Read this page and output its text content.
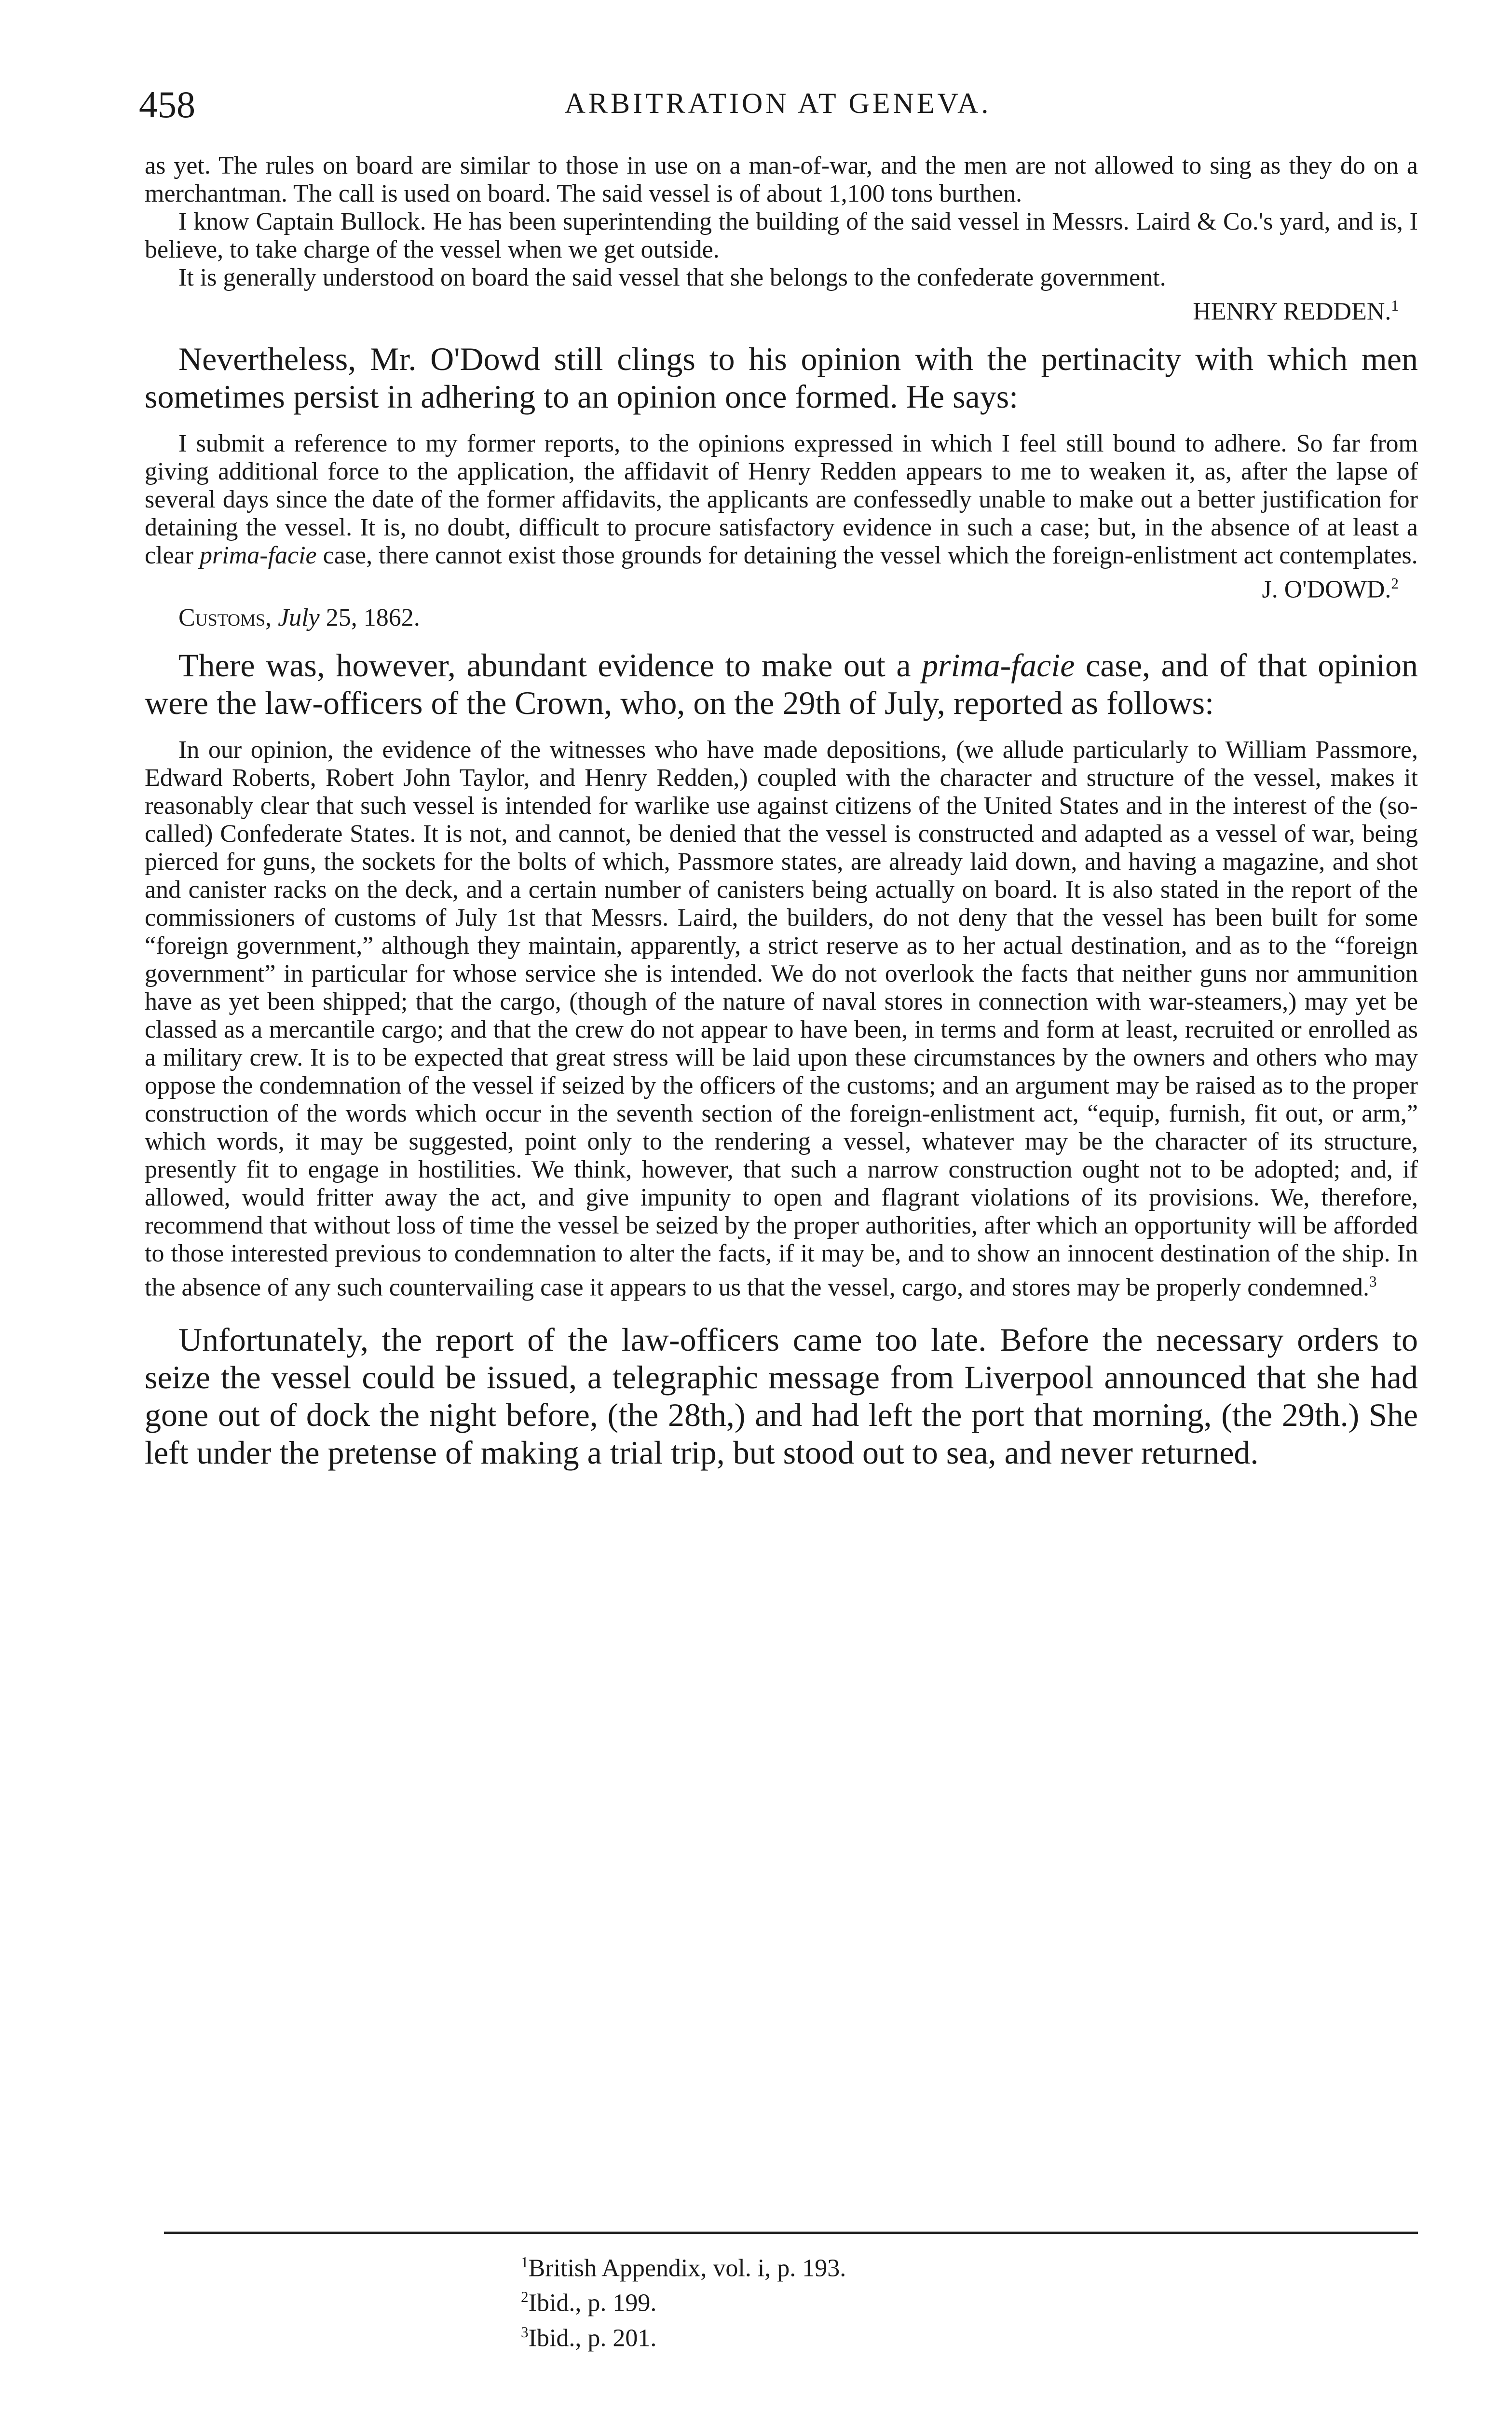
458	ARBITRATION AT GENEVA.

as yet. The rules on board are similar to those in use on a man-of-war, and the men are not allowed to sing as they do on a merchantman. The call is used on board. The said vessel is of about 1,100 tons burthen.

I know Captain Bullock. He has been superintending the building of the said vessel in Messrs. Laird & Co.'s yard, and is, I believe, to take charge of the vessel when we get outside.

It is generally understood on board the said vessel that she belongs to the confederate government.

HENRY REDDEN.$^1$

Nevertheless, Mr. O'Dowd still clings to his opinion with the pertinacity with which men sometimes persist in adhering to an opinion once formed. He says:

I submit a reference to my former reports, to the opinions expressed in which I feel still bound to adhere. So far from giving additional force to the application, the affidavit of Henry Redden appears to me to weaken it, as, after the lapse of several days since the date of the former affidavits, the applicants are confessedly unable to make out a better justification for detaining the vessel. It is, no doubt, difficult to procure satisfactory evidence in such a case; but, in the absence of at least a clear prima-facie case, there cannot exist those grounds for detaining the vessel which the foreign-enlistment act contemplates.

J. O'DOWD.$^2$

Customs, July 25, 1862.

There was, however, abundant evidence to make out a prima-facie case, and of that opinion were the law-officers of the Crown, who, on the 29th of July, reported as follows:

In our opinion, the evidence of the witnesses who have made depositions, (we allude particularly to William Passmore, Edward Roberts, Robert John Taylor, and Henry Redden,) coupled with the character and structure of the vessel, makes it reasonably clear that such vessel is intended for warlike use against citizens of the United States and in the interest of the (so-called) Confederate States. It is not, and cannot, be denied that the vessel is constructed and adapted as a vessel of war, being pierced for guns, the sockets for the bolts of which, Passmore states, are already laid down, and having a magazine, and shot and canister racks on the deck, and a certain number of canisters being actually on board. It is also stated in the report of the commissioners of customs of July 1st that Messrs. Laird, the builders, do not deny that the vessel has been built for some “foreign government,” although they maintain, apparently, a strict reserve as to her actual destination, and as to the “foreign government” in particular for whose service she is intended. We do not overlook the facts that neither guns nor ammunition have as yet been shipped; that the cargo, (though of the nature of naval stores in connection with war-steamers,) may yet be classed as a mercantile cargo; and that the crew do not appear to have been, in terms and form at least, recruited or enrolled as a military crew. It is to be expected that great stress will be laid upon these circumstances by the owners and others who may oppose the condemnation of the vessel if seized by the officers of the customs; and an argument may be raised as to the proper construction of the words which occur in the seventh section of the foreign-enlistment act, “equip, furnish, fit out, or arm,” which words, it may be suggested, point only to the rendering a vessel, whatever may be the character of its structure, presently fit to engage in hostilities. We think, however, that such a narrow construction ought not to be adopted; and, if allowed, would fritter away the act, and give impunity to open and flagrant violations of its provisions. We, therefore, recommend that without loss of time the vessel be seized by the proper authorities, after which an opportunity will be afforded to those interested previous to condemnation to alter the facts, if it may be, and to show an innocent destination of the ship. In the absence of any such countervailing case it appears to us that the vessel, cargo, and stores may be properly condemned.$^3$

Unfortunately, the report of the law-officers came too late. Before the necessary orders to seize the vessel could be issued, a telegraphic message from Liverpool announced that she had gone out of dock the night before, (the 28th,) and had left the port that morning, (the 29th.) She left under the pretense of making a trial trip, but stood out to sea, and never returned.

$^1$British Appendix, vol. i, p. 193.
$^2$Ibid., p. 199.
$^3$Ibid., p. 201.
